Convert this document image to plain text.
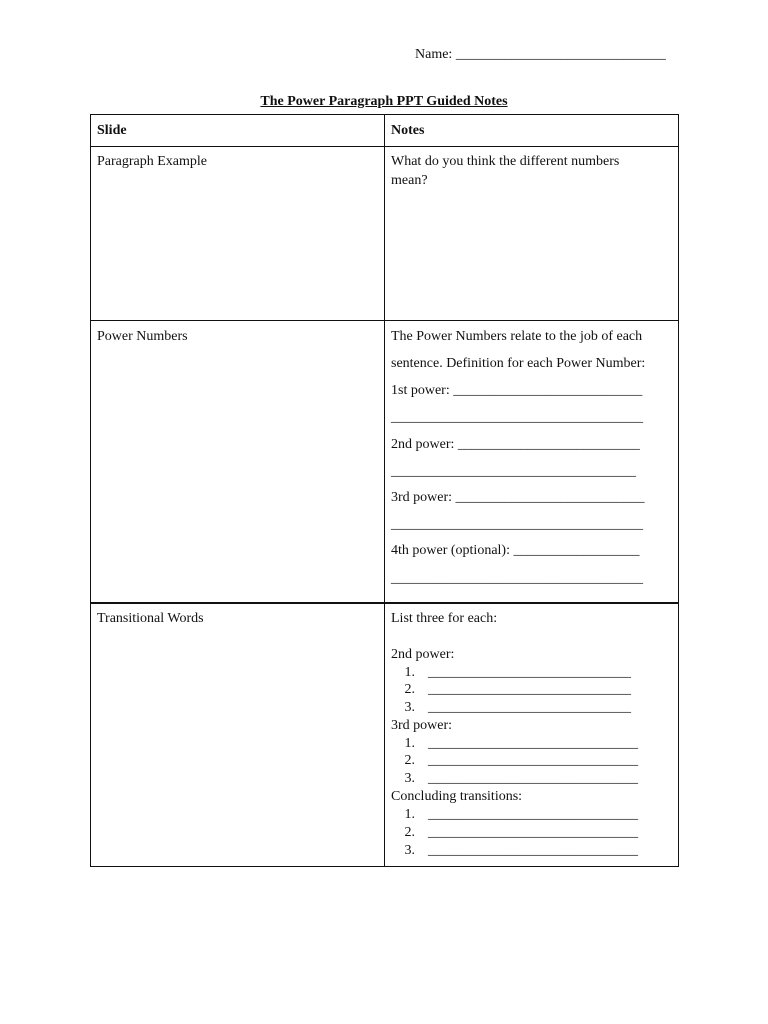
Name: ______________________________
The Power Paragraph PPT Guided Notes
Slide	Notes
Paragraph Example	What do you think the different numbers
mean?
Power Numbers	The Power Numbers relate to the job of each
sentence. Definition for each Power Number:
1st power: ___________________________
____________________________________
2nd power: __________________________
___________________________________
3rd power: ___________________________
____________________________________
4th power (optional): __________________
____________________________________
Transitional Words	List three for each:
2nd power:
1. _____________________________
2. _____________________________
3. _____________________________
3rd power:
1. ______________________________
2. ______________________________
3. ______________________________
Concluding transitions:
1. ______________________________
2. ______________________________
3. ______________________________
